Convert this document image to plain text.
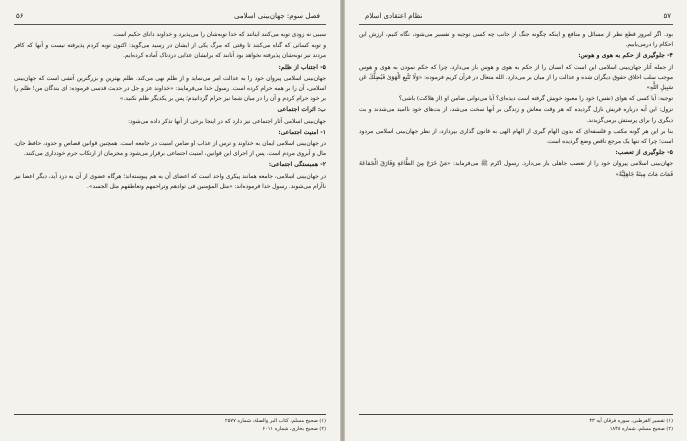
۵۶	فصل سوم: جهان‌بینی اسلامی

سببی نه زودی توبه می‌کنند اینانند که خدا توبه‌شان را می‌پذیرد و خداوند دانای حکیم است.

و توبه کسانی که گناه می‌کنند تا وقتی که مرگ یکی از ایشان در رسید می‌گوید: اکنون توبه کردم پذیرفته نیست و آنها که کافر مردند نیز توبه‌شان پذیرفته نخواهد بود آنانند که برایشان عذابی دردناک آماده کرده‌ایم.

۵- اجتناب از ظلم:

جهان‌بینی اسلامی پیروان خود را به عدالت امر می‌نماید و از ظلم نهی می‌کند. ظلم بهترین و بزرگترین آتشی است که جهان‌بینی اسلامی، آن را بر همه حرام کرده است. رسول خدا می‌فرمایند: «خداوند عز و جل در حدیث قدسی فرموده: ای بندگان من! ظلم را بر خود حرام کردم و آن را در میان شما نیز حرام گردانیدم؛ پس بر یکدیگر ظلم نکنید.»

ب: اثرات اجتماعی

جهان‌بینی اسلامی آثار اجتماعی نیز دارد که در اینجا برخی از آنها تذکر داده می‌شود:

۱- امنیت اجتماعی:

در جهان‌بینی اسلامی ایمان به خداوند و ترس از عذاب او ضامن امنیت در جامعه است. همچنین قوانین قصاص و حدود، حافظ جان، مال و آبروی مردم است. پس از اجرای این قوانین، امنیت اجتماعی برقرار می‌شود و مجرمان از ارتکاب جرم خودداری می‌کنند.

۲- همبستگی اجتماعی:

در جهان‌بینی اسلامی، جامعه همانند پیکری واحد است که اعضای آن به هم پیوسته‌اند؛ هرگاه عضوی از آن به درد آید، دیگر اعضا نیز ناآرام می‌شوند. رسول خدا فرموده‌اند: «مثل المؤمنین فی توادهم وتراحمهم وتعاطفهم مثل الجسد».

(۱) صحیح مسلم، کتاب البر والصلة، شماره ۲۵۷۷
(۲) صحیح بخاری، شماره ۶۰۱۱
۵۷
نظام اعتقادی اسلام

بود. اگر امروز قطع نظر از مسائل و منافع و اینکه چگونه جنگ از جانب چه کسی توجیه و تفسیر می‌شود، نگاه کنیم، ارزش این احکام را درمی‌یابیم.

۴- جلوگیری از حکم به هوی و هوس:

از جمله آثار جهان‌بینی اسلامی این است که انسان را از حکم به هوی و هوس باز می‌دارد، چرا که حکم نمودن به هوی و هوس موجب سلب اخلاق حقوق دیگران شده و عدالت را از میان بر می‌دارد. الله متعال در قرآن کریم فرموده: «وَلَا تَتَّبِعِ الْهَوَىٰ فَيُضِلَّكَ عَن سَبِيلِ اللَّهِ»

توجیه: آیا کسی که هوای (نفس) خود را معبود خویش گرفته است دیده‌ای؟ آیا می‌توانی ضامن او (از هلاکت) باشی؟

نزول: این آیه درباره قریش نازل گردیده که هر وقت معاش و زندگی بر آنها سخت می‌شد، از بت‌های خود ناامید می‌شدند و بت دیگری را برای پرستش برمی‌گزیدند.

بنا بر این هر گونه مکتب و فلسفه‌ای که بدون الهام گیری از الهام الهی به قانون گذاری بپردازد، از نظر جهان‌بینی اسلامی مردود است؛ چرا که تنها یک مرجع ناقص وضع گردیده است.

۵- جلوگیری از تعصب:

جهان‌بینی اسلامی پیروان خود را از تعصب جاهلی باز می‌دارد. رسول اکرم ﷺ می‌فرماید: «مَنْ خَرَجَ مِنَ الطَّاعَةِ وَفَارَقَ الْجَمَاعَةَ فَمَاتَ مَاتَ مِيتَةً جَاهِلِيَّةً»

(۱) تفسیر القرطبی، سوره فرقان آیه ۴۳
(۲) صحیح مسلم، شماره ۱۸۴۸
